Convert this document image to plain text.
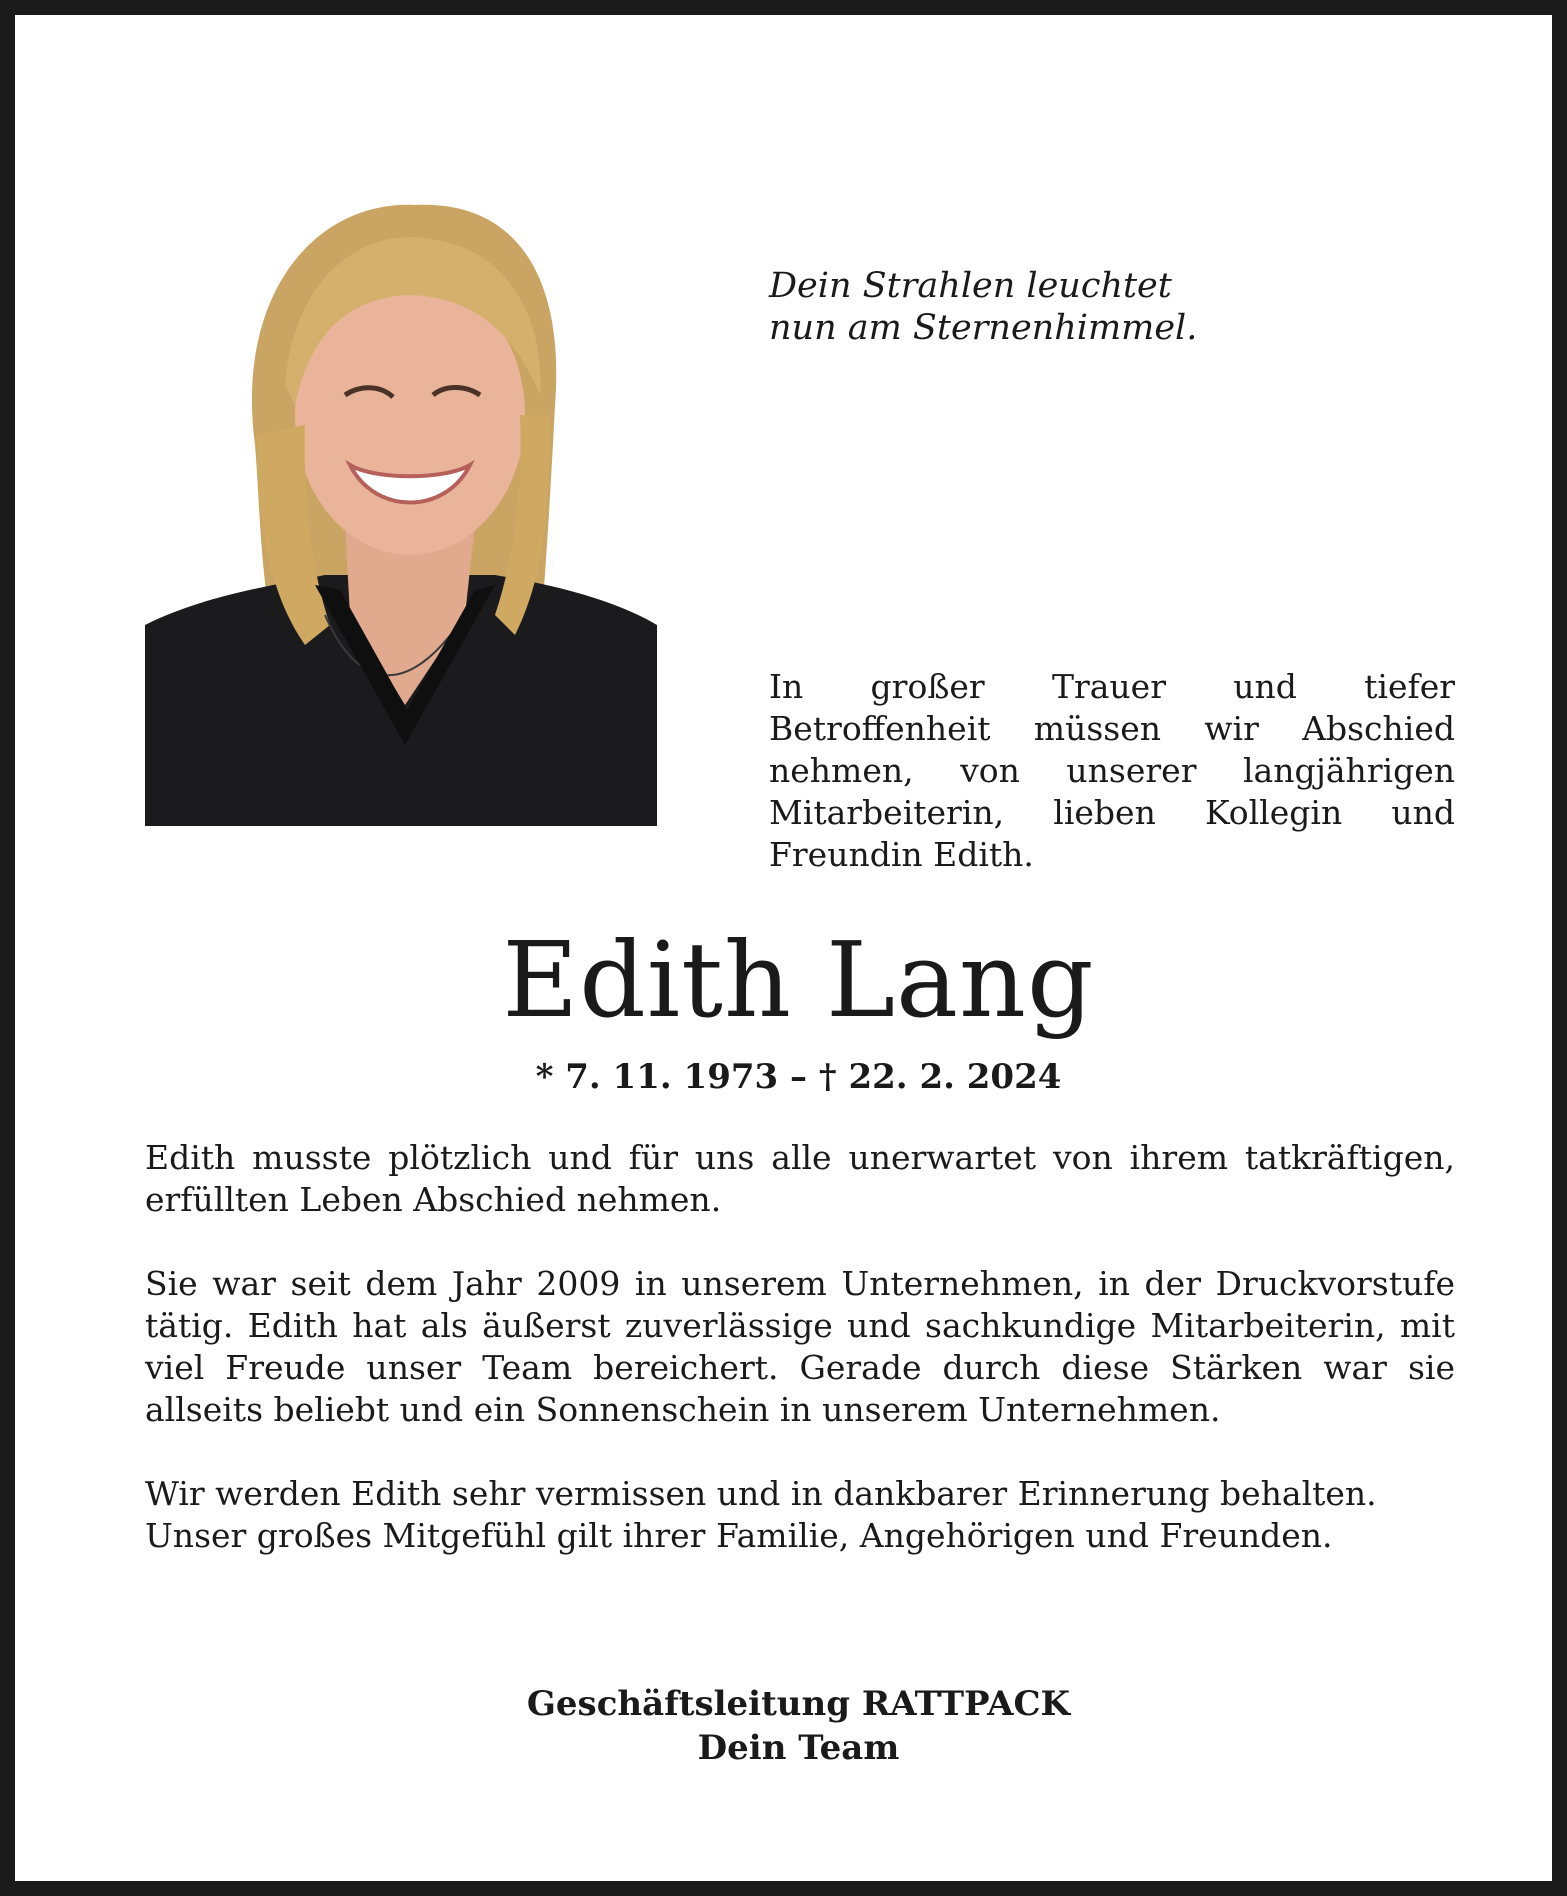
Dein Strahlen leuchtet
nun am Sternenhimmel.

In großer Trauer und tiefer Betroffenheit müssen wir Abschied nehmen, von unserer langjährigen Mitarbeiterin, lieben Kollegin und Freundin Edith.

Edith Lang

* 7. 11. 1973 – † 22. 2. 2024

Edith musste plötzlich und für uns alle unerwartet von ihrem tatkräftigen, erfüllten Leben Abschied nehmen.

Sie war seit dem Jahr 2009 in unserem Unternehmen, in der Druckvorstufe tätig. Edith hat als äußerst zuverlässige und sachkundige Mitarbeiterin, mit viel Freude unser Team bereichert. Gerade durch diese Stärken war sie allseits beliebt und ein Sonnenschein in unserem Unternehmen.

Wir werden Edith sehr vermissen und in dankbarer Erinnerung behalten. Unser großes Mitgefühl gilt ihrer Familie, Angehörigen und Freunden.

Geschäftsleitung RATTPACK

Dein Team
